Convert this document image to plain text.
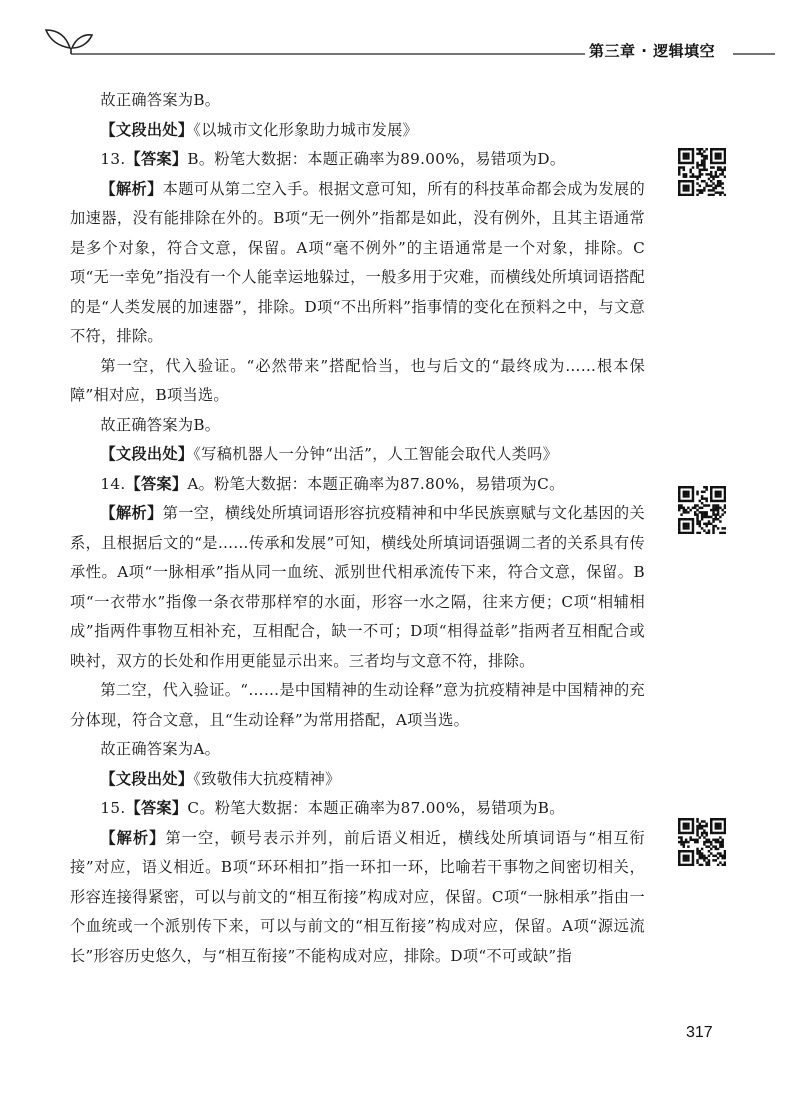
第三章 · 逻辑填空

故正确答案为B。

【文段出处】《以城市文化形象助力城市发展》

13.【答案】B。粉笔大数据：本题正确率为89.00%，易错项为D。

【解析】本题可从第二空入手。根据文意可知，所有的科技革命都会成为发展的加速器，没有能排除在外的。B项“无一例外”指都是如此，没有例外，且其主语通常是多个对象，符合文意，保留。A项“毫不例外”的主语通常是一个对象，排除。C项“无一幸免”指没有一个人能幸运地躲过，一般多用于灾难，而横线处所填词语搭配的是“人类发展的加速器”，排除。D项“不出所料”指事情的变化在预料之中，与文意不符，排除。

第一空，代入验证。“必然带来”搭配恰当，也与后文的“最终成为……根本保障”相对应，B项当选。

故正确答案为B。

【文段出处】《写稿机器人一分钟“出活”，人工智能会取代人类吗》

14.【答案】A。粉笔大数据：本题正确率为87.80%，易错项为C。

【解析】第一空，横线处所填词语形容抗疫精神和中华民族禀赋与文化基因的关系，且根据后文的“是……传承和发展”可知，横线处所填词语强调二者的关系具有传承性。A项“一脉相承”指从同一血统、派别世代相承流传下来，符合文意，保留。B项“一衣带水”指像一条衣带那样窄的水面，形容一水之隔，往来方便；C项“相辅相成”指两件事物互相补充，互相配合，缺一不可；D项“相得益彰”指两者互相配合或映衬，双方的长处和作用更能显示出来。三者均与文意不符，排除。

第二空，代入验证。“……是中国精神的生动诠释”意为抗疫精神是中国精神的充分体现，符合文意，且“生动诠释”为常用搭配，A项当选。

故正确答案为A。

【文段出处】《致敬伟大抗疫精神》

15.【答案】C。粉笔大数据：本题正确率为87.00%，易错项为B。

【解析】第一空，顿号表示并列，前后语义相近，横线处所填词语与“相互衔接”对应，语义相近。B项“环环相扣”指一环扣一环，比喻若干事物之间密切相关，形容连接得紧密，可以与前文的“相互衔接”构成对应，保留。C项“一脉相承”指由一个血统或一个派别传下来，可以与前文的“相互衔接”构成对应，保留。A项“源远流长”形容历史悠久，与“相互衔接”不能构成对应，排除。D项“不可或缺”指

317
